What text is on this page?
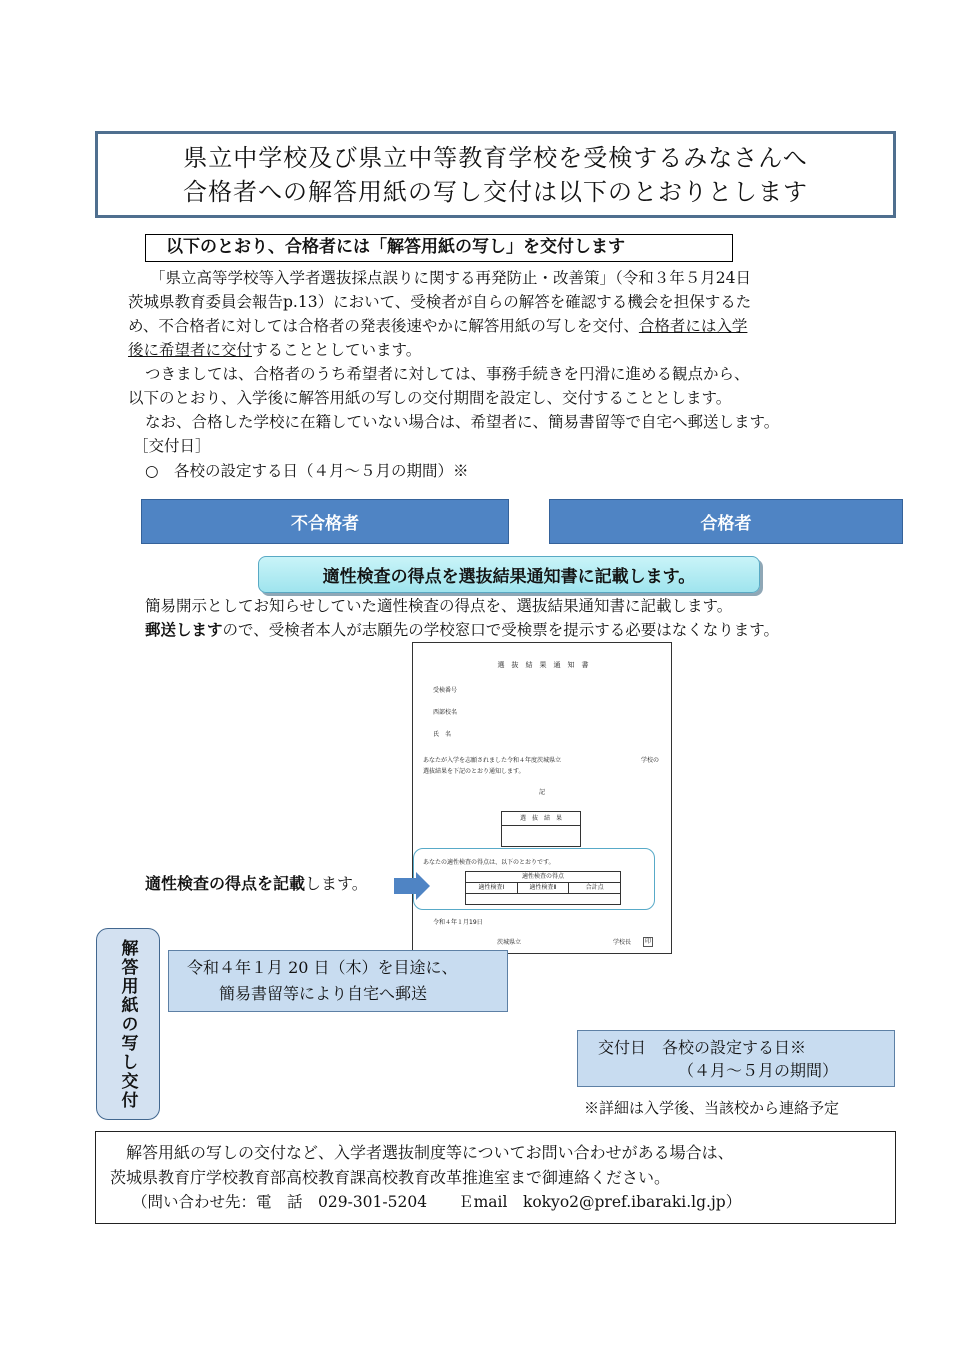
県立中学校及び県立中等教育学校を受検するみなさんへ
合格者への解答用紙の写し交付は以下のとおりとします
以下のとおり、合格者には「解答用紙の写し」を交付します
「県立高等学校等入学者選抜採点誤りに関する再発防止・改善策」（令和３年５月24日
茨城県教育委員会報告p.13）において、受検者が自らの解答を確認する機会を担保するた
め、不合格者に対しては合格者の発表後速やかに解答用紙の写しを交付、合格者には入学
後に希望者に交付することとしています。
つきましては、合格者のうち希望者に対しては、事務手続きを円滑に進める観点から、
以下のとおり、入学後に解答用紙の写しの交付期間を設定し、交付することとします。
なお、合格した学校に在籍していない場合は、希望者に、簡易書留等で自宅へ郵送します。
［交付日］
○　各校の設定する日（４月～５月の期間）※
不合格者	合格者
適性検査の得点を選抜結果通知書に記載します。
簡易開示としてお知らせしていた適性検査の得点を、選抜結果通知書に記載します。
郵送しますので、受検者本人が志願先の学校窓口で受検票を提示する必要はなくなります。
選　抜　結　果　通　知　書
受検番号
西部校名
氏　名
あなたが入学を志願されました令和４年度茨城県立	学校の
選抜結果を下記のとおり通知します。
記
選　抜　結　果
あなたの適性検査の得点は、以下のとおりです。
適性検査の得点
適性検査Ⅰ	適性検査Ⅱ	合計点
令和４年１月19日
茨城県立	学校長	印
適性検査の得点を記載します。
解答用紙の写し交付	令和４年１月 20 日（木）を目途に、
簡易書留等により自宅へ郵送
交付日　各校の設定する日※
（４月～５月の期間）
※詳細は入学後、当該校から連絡予定
解答用紙の写しの交付など、入学者選抜制度等についてお問い合わせがある場合は、
茨城県教育庁学校教育部高校教育課高校教育改革推進室まで御連絡ください。
（問い合わせ先：電　話　029-301-5204　　Ｅmail　kokyo2@pref.ibaraki.lg.jp）
